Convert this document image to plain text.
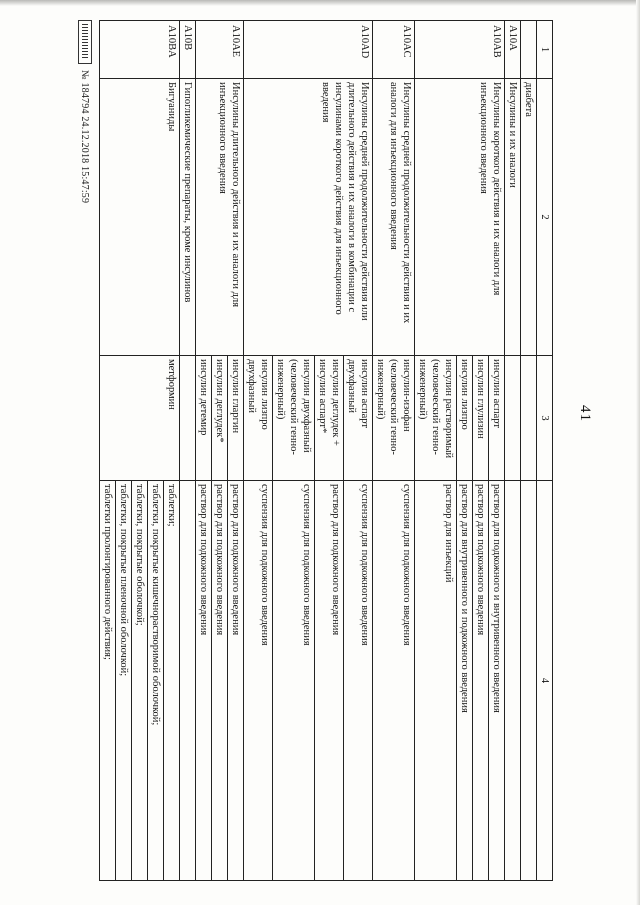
41
1	2	3	4
	диабета		
A10A	Инсулины и их аналоги		
A10AB	Инсулины короткого действия и их аналоги для инъекционного введения	инсулин аспарт	раствор для подкожного и внутривенного введения
		инсулин глулизин	раствор для подкожного введения
		инсулин лизпро	раствор для внутривенного и подкожного введения
		инсулин растворимый (человеческий генно-инженерный)	раствор для инъекций
A10AC	Инсулины средней продолжительности действия и их аналоги для инъекционного введения	инсулин-изофан (человеческий генно-инженерный)	суспензия для подкожного введения
A10AD	Инсулины средней продолжительности действия или длительного действия и их аналоги в комбинации с инсулинами короткого действия для инъекционного введения	инсулин аспарт двухфазный	суспензия для подкожного введения
		инсулин деглудек + инсулин аспарт*	раствор для подкожного введения
		инсулин двухфазный (человеческий генно-инженерный)	суспензия для подкожного введения
		инсулин лизпро двухфазный	суспензия для подкожного введения
A10AE	Инсулины длительного действия и их аналоги для инъекционного введения	инсулин гларгин	раствор для подкожного введения
		инсулин деглудек*	раствор для подкожного введения
		инсулин детемир	раствор для подкожного введения
A10B	Гипогликемические препараты, кроме инсулинов		
A10BA	Бигуаниды	метформин	таблетки;
			таблетки, покрытые кишечнорастворимой оболочкой;
			таблетки, покрытые оболочкой;
			таблетки, покрытые пленочной оболочкой;
			таблетки пролонгированного действия;
№ 184794 24.12.2018 15:47:59
